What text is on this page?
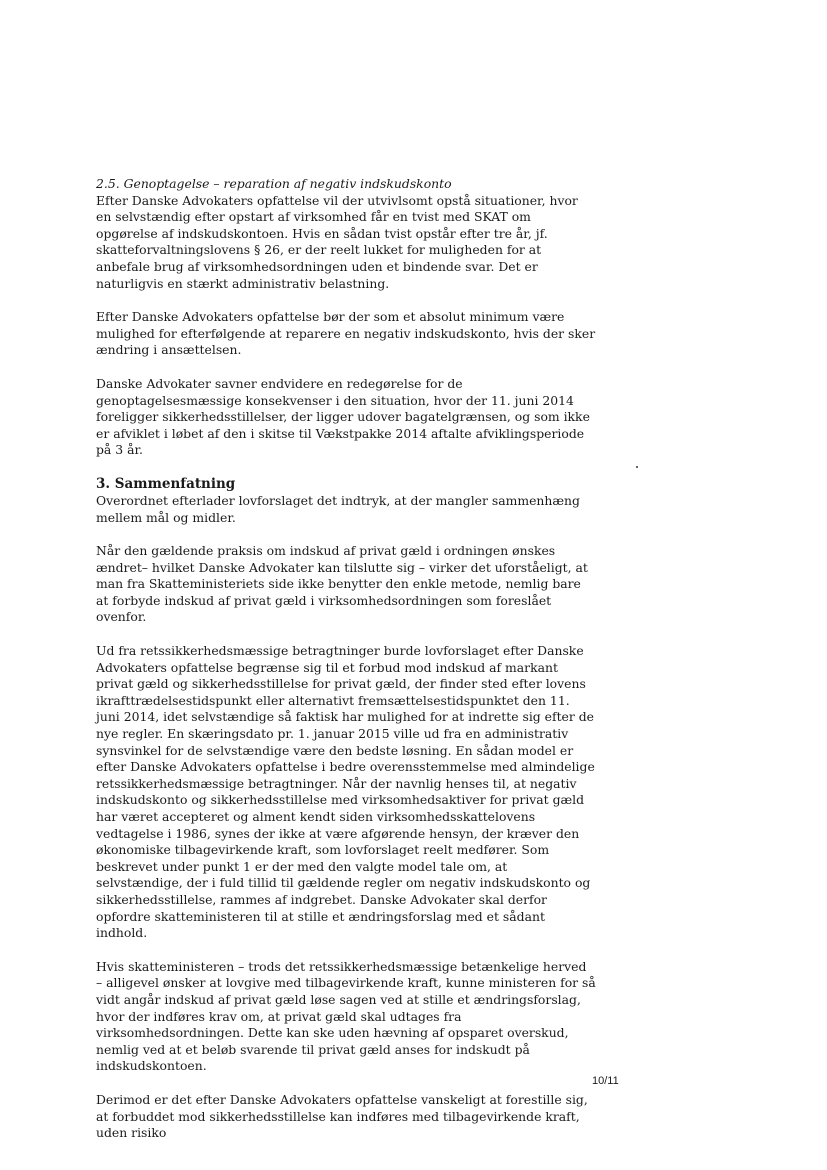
2.5. Genoptagelse – reparation af negativ indskudskonto

Efter Danske Advokaters opfattelse vil der utvivlsomt opstå situationer, hvor en selvstændig efter opstart af virksomhed får en tvist med SKAT om opgørelse af indskudskontoen. Hvis en sådan tvist opstår efter tre år, jf. skatteforvaltningslovens § 26, er der reelt lukket for muligheden for at anbefale brug af virksomhedsordningen uden et bindende svar. Det er naturligvis en stærkt administrativ belastning.

Efter Danske Advokaters opfattelse bør der som et absolut minimum være mulighed for efterfølgende at reparere en negativ indskudskonto, hvis der sker ændring i ansættelsen.

Danske Advokater savner endvidere en redegørelse for de genoptagelsesmæssige konsekvenser i den situation, hvor der 11. juni 2014 foreligger sikkerhedsstillelser, der ligger udover bagatelgrænsen, og som ikke er afviklet i løbet af den i skitse til Vækstpakke 2014 aftalte afviklingsperiode på 3 år.

3. Sammenfatning

Overordnet efterlader lovforslaget det indtryk, at der mangler sammenhæng mellem mål og midler.

Når den gældende praksis om indskud af privat gæld i ordningen ønskes ændret– hvilket Danske Advokater kan tilslutte sig – virker det uforståeligt, at man fra Skatteministeriets side ikke benytter den enkle metode, nemlig bare at forbyde indskud af privat gæld i virksomhedsordningen som foreslået ovenfor.

Ud fra retssikkerhedsmæssige betragtninger burde lovforslaget efter Danske Advokaters opfattelse begrænse sig til et forbud mod indskud af markant privat gæld og sikkerhedsstillelse for privat gæld, der finder sted efter lovens ikrafttrædelsestidspunkt eller alternativt fremsættelsestidspunktet den 11. juni 2014, idet selvstændige så faktisk har mulighed for at indrette sig efter de nye regler. En skæringsdato pr. 1. januar 2015 ville ud fra en administrativ synsvinkel for de selvstændige være den bedste løsning. En sådan model er efter Danske Advokaters opfattelse i bedre overensstemmelse med almindelige retssikkerhedsmæssige betragtninger. Når der navnlig henses til, at negativ indskudskonto og sikkerhedsstillelse med virksomhedsaktiver for privat gæld har været accepteret og alment kendt siden virksomhedsskattelovens vedtagelse i 1986, synes der ikke at være afgørende hensyn, der kræver den økonomiske tilbagevirkende kraft, som lovforslaget reelt medfører. Som beskrevet under punkt 1 er der med den valgte model tale om, at selvstændige, der i fuld tillid til gældende regler om negativ indskudskonto og sikkerhedsstillelse, rammes af indgrebet. Danske Advokater skal derfor opfordre skatteministeren til at stille et ændringsforslag med et sådant indhold.

Hvis skatteministeren – trods det retssikkerhedsmæssige betænkelige herved – alligevel ønsker at lovgive med tilbagevirkende kraft, kunne ministeren for så vidt angår indskud af privat gæld løse sagen ved at stille et ændringsforslag, hvor der indføres krav om, at privat gæld skal udtages fra virksomhedsordningen. Dette kan ske uden hævning af opsparet overskud, nemlig ved at et beløb svarende til privat gæld anses for indskudt på indskudskontoen.

Derimod er det efter Danske Advokaters opfattelse vanskeligt at forestille sig, at forbuddet mod sikkerhedsstillelse kan indføres med tilbagevirkende kraft, uden risiko

10/11
